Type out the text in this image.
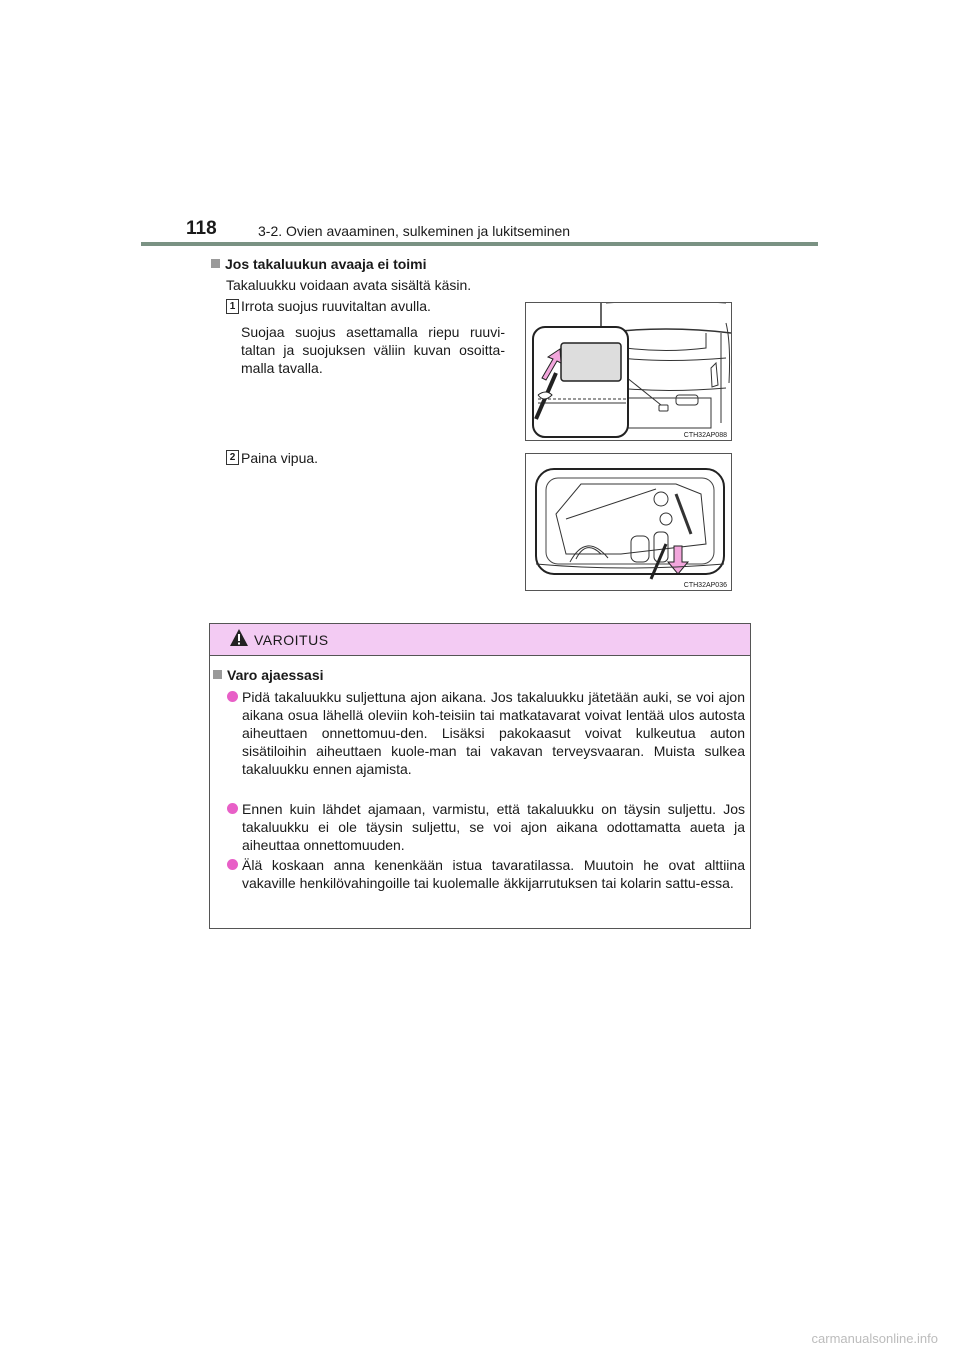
118	3-2. Ovien avaaminen, sulkeminen ja lukitseminen
Jos takaluukun avaaja ei toimi
Takaluukku voidaan avata sisältä käsin.
1 Irrota suojus ruuvitaltan avulla.
Suojaa suojus asettamalla riepu ruuvi-taltan ja suojuksen väliin kuvan osoitta-malla tavalla.
CTH32AP088
2 Paina vipua.
CTH32AP036
VAROITUS
Varo ajaessasi
Pidä takaluukku suljettuna ajon aikana. Jos takaluukku jätetään auki, se voi ajon aikana osua lähellä oleviin koh-teisiin tai matkatavarat voivat lentää ulos autosta aiheuttaen onnettomuu-den. Lisäksi pakokaasut voivat kulkeutua auton sisätiloihin aiheuttaen kuole-man tai vakavan terveysvaaran. Muista sulkea takaluukku ennen ajamista.
Ennen kuin lähdet ajamaan, varmistu, että takaluukku on täysin suljettu. Jos takaluukku ei ole täysin suljettu, se voi ajon aikana odottamatta aueta ja aiheuttaa onnettomuuden.
Älä koskaan anna kenenkään istua tavaratilassa. Muutoin he ovat alttiina vakaville henkilövahingoille tai kuolemalle äkkijarrutuksen tai kolarin sattu-essa.
carmanualsonline.info
